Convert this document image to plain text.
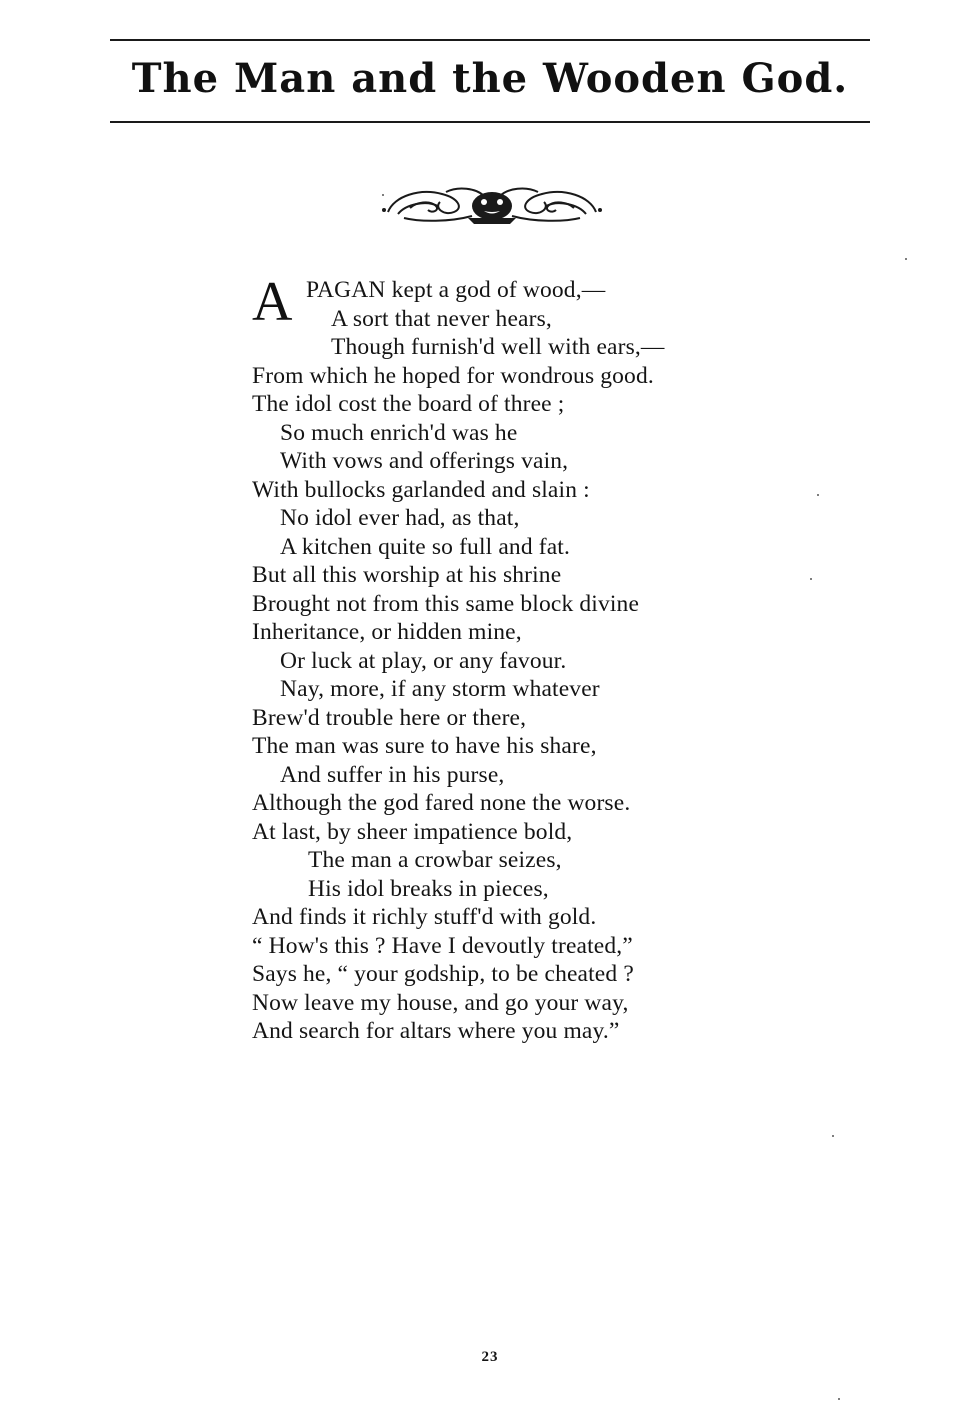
The Man and the Wooden God.
A PAGAN kept a god of wood,—
A sort that never hears,
Though furnish'd well with ears,—
From which he hoped for wondrous good.
The idol cost the board of three ;
So much enrich'd was he
With vows and offerings vain,
With bullocks garlanded and slain :
No idol ever had, as that,
A kitchen quite so full and fat.
But all this worship at his shrine
Brought not from this same block divine
Inheritance, or hidden mine,
Or luck at play, or any favour.
Nay, more, if any storm whatever
Brew'd trouble here or there,
The man was sure to have his share,
And suffer in his purse,
Although the god fared none the worse.
At last, by sheer impatience bold,
The man a crowbar seizes,
His idol breaks in pieces,
And finds it richly stuff'd with gold.
“ How's this ? Have I devoutly treated,”
Says he, “ your godship, to be cheated ?
Now leave my house, and go your way,
And search for altars where you may.”
23
